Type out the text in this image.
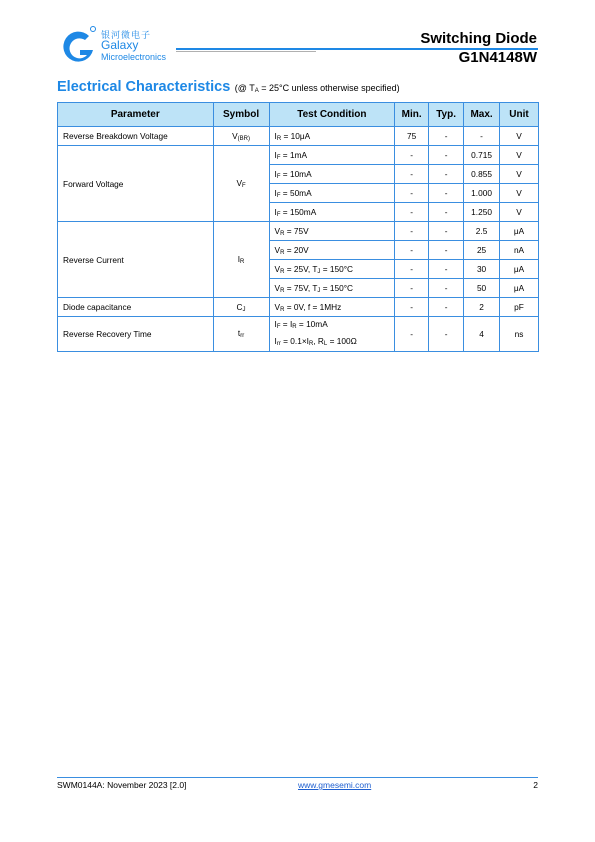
银河微电子
Galaxy
Microelectronics
Switching Diode
G1N4148W
Electrical Characteristics (@ $T_A = 25^\circ C$ unless otherwise specified)
Parameter	Symbol	Test Condition	Min.	Typ.	Max.	Unit
Reverse Breakdown Voltage	$V_{(BR)}$	$I_R = 10\mu A$	75	-	-	V
Forward Voltage	$V_F$	$I_F = 1mA$	-	-	0.715	V
		$I_F = 10mA$	-	-	0.855	V
		$I_F = 50mA$	-	-	1.000	V
		$I_F = 150mA$	-	-	1.250	V
Reverse Current	$I_R$	$V_R = 75V$	-	-	2.5	μA
		$V_R = 20V$	-	-	25	nA
		$V_R = 25V$, $T_J = 150^\circ C$	-	-	30	μA
		$V_R = 75V$, $T_J = 150^\circ C$	-	-	50	μA
Diode capacitance	$C_J$	$V_R = 0V$, f = 1MHz	-	-	2	pF
Reverse Recovery Time	$t_{rr}$	$I_F = I_R = 10mA$
$I_{rr} = 0.1\times I_R$, $R_L = 100\Omega$	-	-	4	ns
SWM0144A: November 2023 [2.0]	www.gmesemi.com	2
